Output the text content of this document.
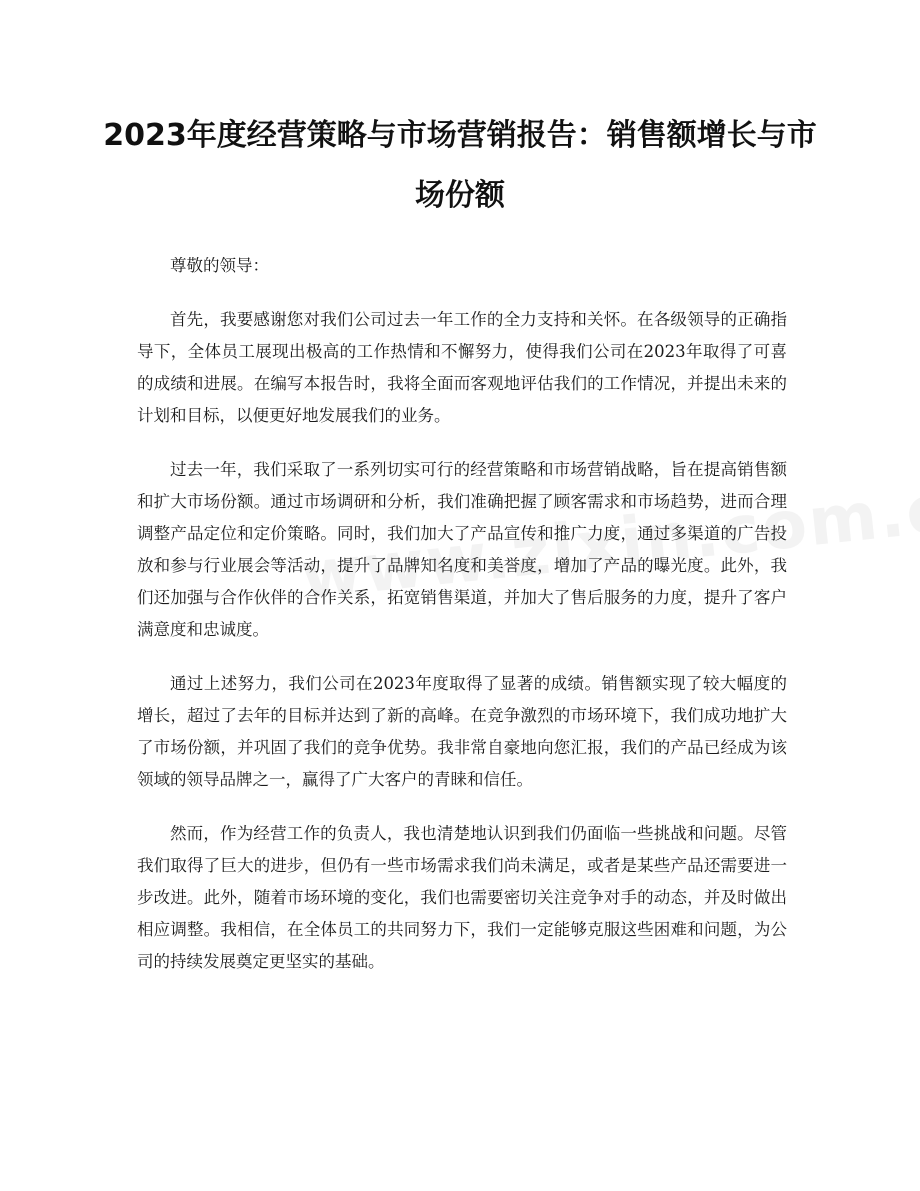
2023年度经营策略与市场营销报告：销售额增长与市场份额

尊敬的领导：

首先，我要感谢您对我们公司过去一年工作的全力支持和关怀。在各级领导的正确指导下，全体员工展现出极高的工作热情和不懈努力，使得我们公司在2023年取得了可喜的成绩和进展。在编写本报告时，我将全面而客观地评估我们的工作情况，并提出未来的计划和目标，以便更好地发展我们的业务。

过去一年，我们采取了一系列切实可行的经营策略和市场营销战略，旨在提高销售额和扩大市场份额。通过市场调研和分析，我们准确把握了顾客需求和市场趋势，进而合理调整产品定位和定价策略。同时，我们加大了产品宣传和推广力度，通过多渠道的广告投放和参与行业展会等活动，提升了品牌知名度和美誉度，增加了产品的曝光度。此外，我们还加强与合作伙伴的合作关系，拓宽销售渠道，并加大了售后服务的力度，提升了客户满意度和忠诚度。

通过上述努力，我们公司在2023年度取得了显著的成绩。销售额实现了较大幅度的增长，超过了去年的目标并达到了新的高峰。在竞争激烈的市场环境下，我们成功地扩大了市场份额，并巩固了我们的竞争优势。我非常自豪地向您汇报，我们的产品已经成为该领域的领导品牌之一，赢得了广大客户的青睐和信任。

然而，作为经营工作的负责人，我也清楚地认识到我们仍面临一些挑战和问题。尽管我们取得了巨大的进步，但仍有一些市场需求我们尚未满足，或者是某些产品还需要进一步改进。此外，随着市场环境的变化，我们也需要密切关注竞争对手的动态，并及时做出相应调整。我相信，在全体员工的共同努力下，我们一定能够克服这些困难和问题，为公司的持续发展奠定更坚实的基础。
